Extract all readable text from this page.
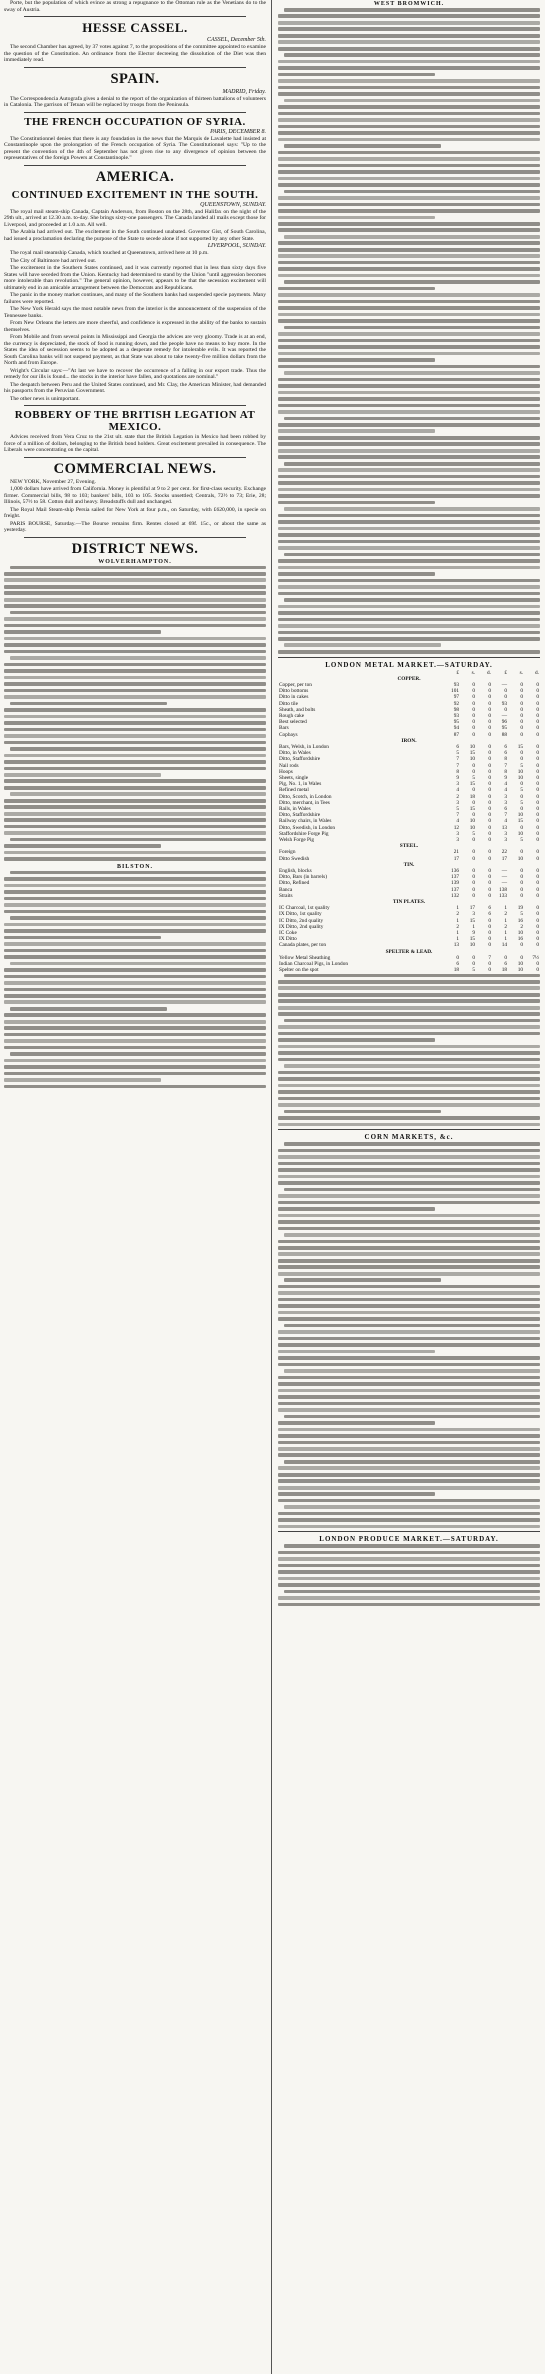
Porte, but the population of which evince as strong a repugnance to the Ottoman rule as the Venetians do to the sway of Austria.

HESSE CASSEL.
CASSEL, December 5th.

The second Chamber has agreed, by 37 votes against 7, to the propositions of the committee appointed to examine the question of the Constitution. An ordinance from the Elector decreeing the dissolution of the Diet was then immediately read.

SPAIN.
MADRID, Friday.

The Correspondencia Autografa gives a denial to the report of the organization of thirteen battalions of volunteers in Catalonia. The garrison of Tetuan will be replaced by troops from the Peninsula.

THE FRENCH OCCUPATION OF SYRIA.
PARIS, DECEMBER 8.

The Constitutionnel denies that there is any foundation in the news that the Marquis de Lavalette had insisted at Constantinople upon the prolongation of the French occupation of Syria. The Constitutionnel says: "Up to the present the convention of the 4th of September has not given rise to any divergence of opinion between the representatives of the foreign Powers at Constantinople."

AMERICA.
CONTINUED EXCITEMENT IN THE SOUTH.
QUEENSTOWN, SUNDAY.

The royal mail steam-ship Canada, Captain Anderson, from Boston on the 28th, and Halifax on the night of the 29th ult., arrived at 12.30 a.m. to-day. She brings sixty-one passengers. The Canada landed all mails except those for Liverpool, and proceeded at 1.0 a.m. All well.

The Arabia had arrived out. The excitement in the South continued unabated. Governor Gist, of South Carolina, had issued a proclamation declaring the purpose of the State to secede alone if not supported by any other State.

LIVERPOOL, SUNDAY.

The royal mail steamship Canada, which touched at Queenstown, arrived here at 10 p.m.

The City of Baltimore had arrived out.

The excitement in the Southern States continued, and it was currently reported that in less than sixty days five States will have seceded from the Union. Kentucky had determined to stand by the Union "until aggression becomes more intolerable than revolution." The general opinion, however, appears to be that the secession excitement will ultimately end in an amicable arrangement between the Democrats and Republicans.

The panic in the money market continues, and many of the Southern banks had suspended specie payments. Many failures were reported.

The New York Herald says the most notable news from the interior is the announcement of the suspension of the Tennessee banks.

From New Orleans the letters are more cheerful, and confidence is expressed in the ability of the banks to sustain themselves.

From Mobile and from several points in Mississippi and Georgia the advices are very gloomy. Trade is at an end, the currency is depreciated, the stock of food is running down, and the people have no means to buy more. In the States the idea of secession seems to be adopted as a desperate remedy for intolerable evils. It was reported the South Carolina banks will not suspend payment, as that State was about to take twenty-five million dollars from the North and from Europe.

Wright's Circular says:—"At last we have to recover the occurrence of a falling in our export trade. Thus the remedy for our ills is found... the stocks in the interior have fallen, and quotations are nominal."

The despatch between Peru and the United States continued, and Mr. Clay, the American Minister, had demanded his passports from the Peruvian Government.

The other news is unimportant.

ROBBERY OF THE BRITISH LEGATION AT MEXICO.

Advices received from Vera Cruz to the 21st ult. state that the British Legation in Mexico had been robbed by force of a million of dollars, belonging to the British bond holders. Great excitement prevailed in consequence. The Liberals were concentrating on the capital.

COMMERCIAL NEWS.

NEW YORK, November 27, Evening.

1,000 dollars have arrived from California. Money is plentiful at 9 to 2 per cent. for first-class security. Exchange firmer. Commercial bills, 98 to 103; bankers' bills, 103 to 105. Stocks unsettled; Centrals, 72½ to 73; Erie, 28; Illinois, 57½ to 58. Cotton dull and heavy. Breadstuffs dull and unchanged.

The Royal Mail Steam-ship Persia sailed for New York at four p.m., on Saturday, with £620,000, in specie on freight.

PARIS BOURSE, Saturday.—The Bourse remains firm. Rentes closed at 69f. 15c., or about the same as yesterday.

DISTRICT NEWS.
WOLVERHAMPTON.
BILSTON.
WEST BROMWICH.
LONDON METAL MARKET.—SATURDAY.
	£	s.	d.	£	s.	d.
COPPER.						
Copper, per ton	93	0	0	—	0	0
Ditto bottoms	101	0	0	0	0	0
Ditto in cakes	97	0	0	0	0	0
Ditto tile	92	0	0	93	0	0
Sheath, and bolts	98	0	0	0	0	0
Rough cake	93	0	0	—	0	0
Best selected	95	0	0	96	0	0
Bars	94	0	0	95	0	0
Copbays	87	0	0	88	0	0
IRON.						
Bars, Welsh, in London	6	10	0	6	15	0
Ditto, in Wales	5	15	0	6	0	0
Ditto, Staffordshire	7	10	0	8	0	0
Nail rods	7	0	0	7	5	0
Hoops	8	0	0	8	10	0
Sheets, single	9	5	0	9	10	0
Pig, No. 1, in Wales	3	15	0	4	0	0
Refined metal	4	0	0	4	5	0
Ditto, Scotch, in London	2	18	0	3	0	0
Ditto, merchant, in Tees	3	0	0	3	5	0
Rails, in Wales	5	15	0	6	0	0
Ditto, Staffordshire	7	0	0	7	10	0
Railway chairs, in Wales	4	10	0	4	15	0
Ditto, Swedish, in London	12	10	0	13	0	0
Staffordshire Forge Pig	3	5	0	3	10	0
Welsh Forge Pig	3	0	0	3	5	0
STEEL.						
Foreign	21	0	0	22	0	0
Ditto Swedish	17	0	0	17	10	0
TIN.						
English, blocks	136	0	0	—	0	0
Ditto, Bars (in barrels)	137	0	0	—	0	0
Ditto, Refined	139	0	0	—	0	0
Banca	137	0	0	138	0	0
Straits	132	0	0	133	0	0
TIN PLATES.						
IC Charcoal, 1st quality	1	17	6	1	19	0
IX Ditto, 1st quality	2	3	6	2	5	0
IC Ditto, 2nd quality	1	15	0	1	16	0
IX Ditto, 2nd quality	2	1	0	2	2	0
IC Coke	1	9	0	1	10	0
IX Ditto	1	15	0	1	16	0
Canada plates, per ton	13	10	0	14	0	0
SPELTER & LEAD.						
Yellow Metal Sheathing	0	0	7	0	0	7½
Indian Charcoal Pigs, in London	6	0	0	6	10	0
Spelter on the spot	18	5	0	18	10	0
CORN MARKETS, &c.
LONDON PRODUCE MARKET.—SATURDAY.
